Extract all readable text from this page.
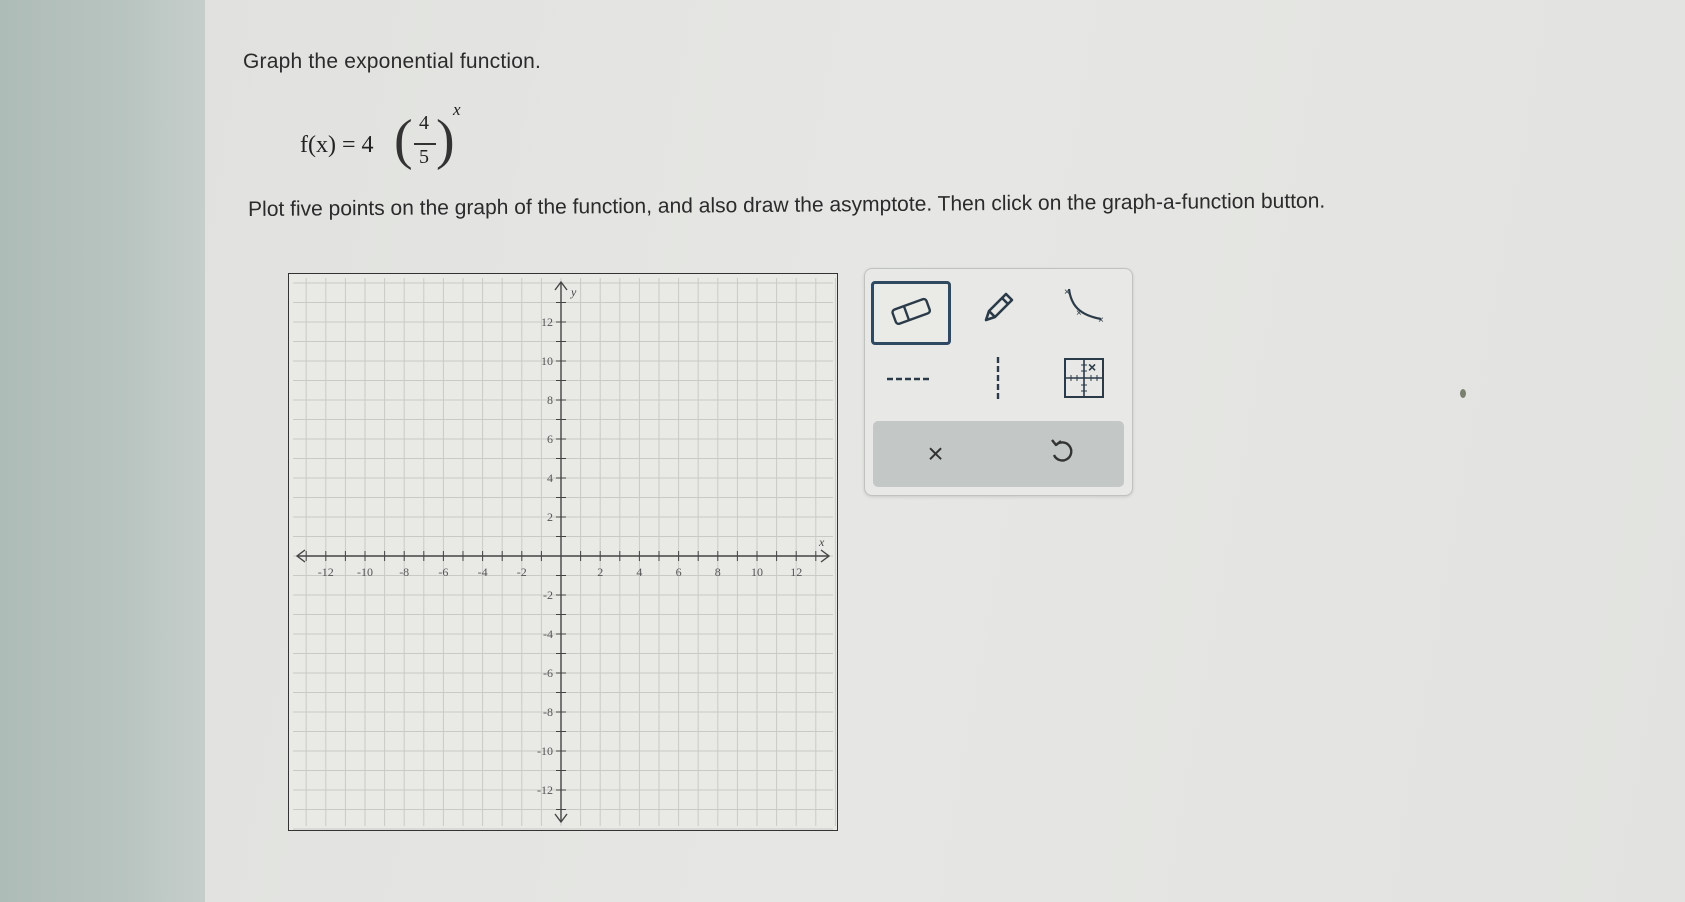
Graph the exponential function.
f(x) = 4 ( 4
5 )
x
Plot five points on the graph of the function, and also draw the asymptote. Then click on the graph-a-function button.
-12 -10 -8 -6 -4 -2	2	4	6	8	10 12
12
10
8
6
4
2
-2
-4
-6
-8
-10
-12
x
y	×
×
×
×
×
